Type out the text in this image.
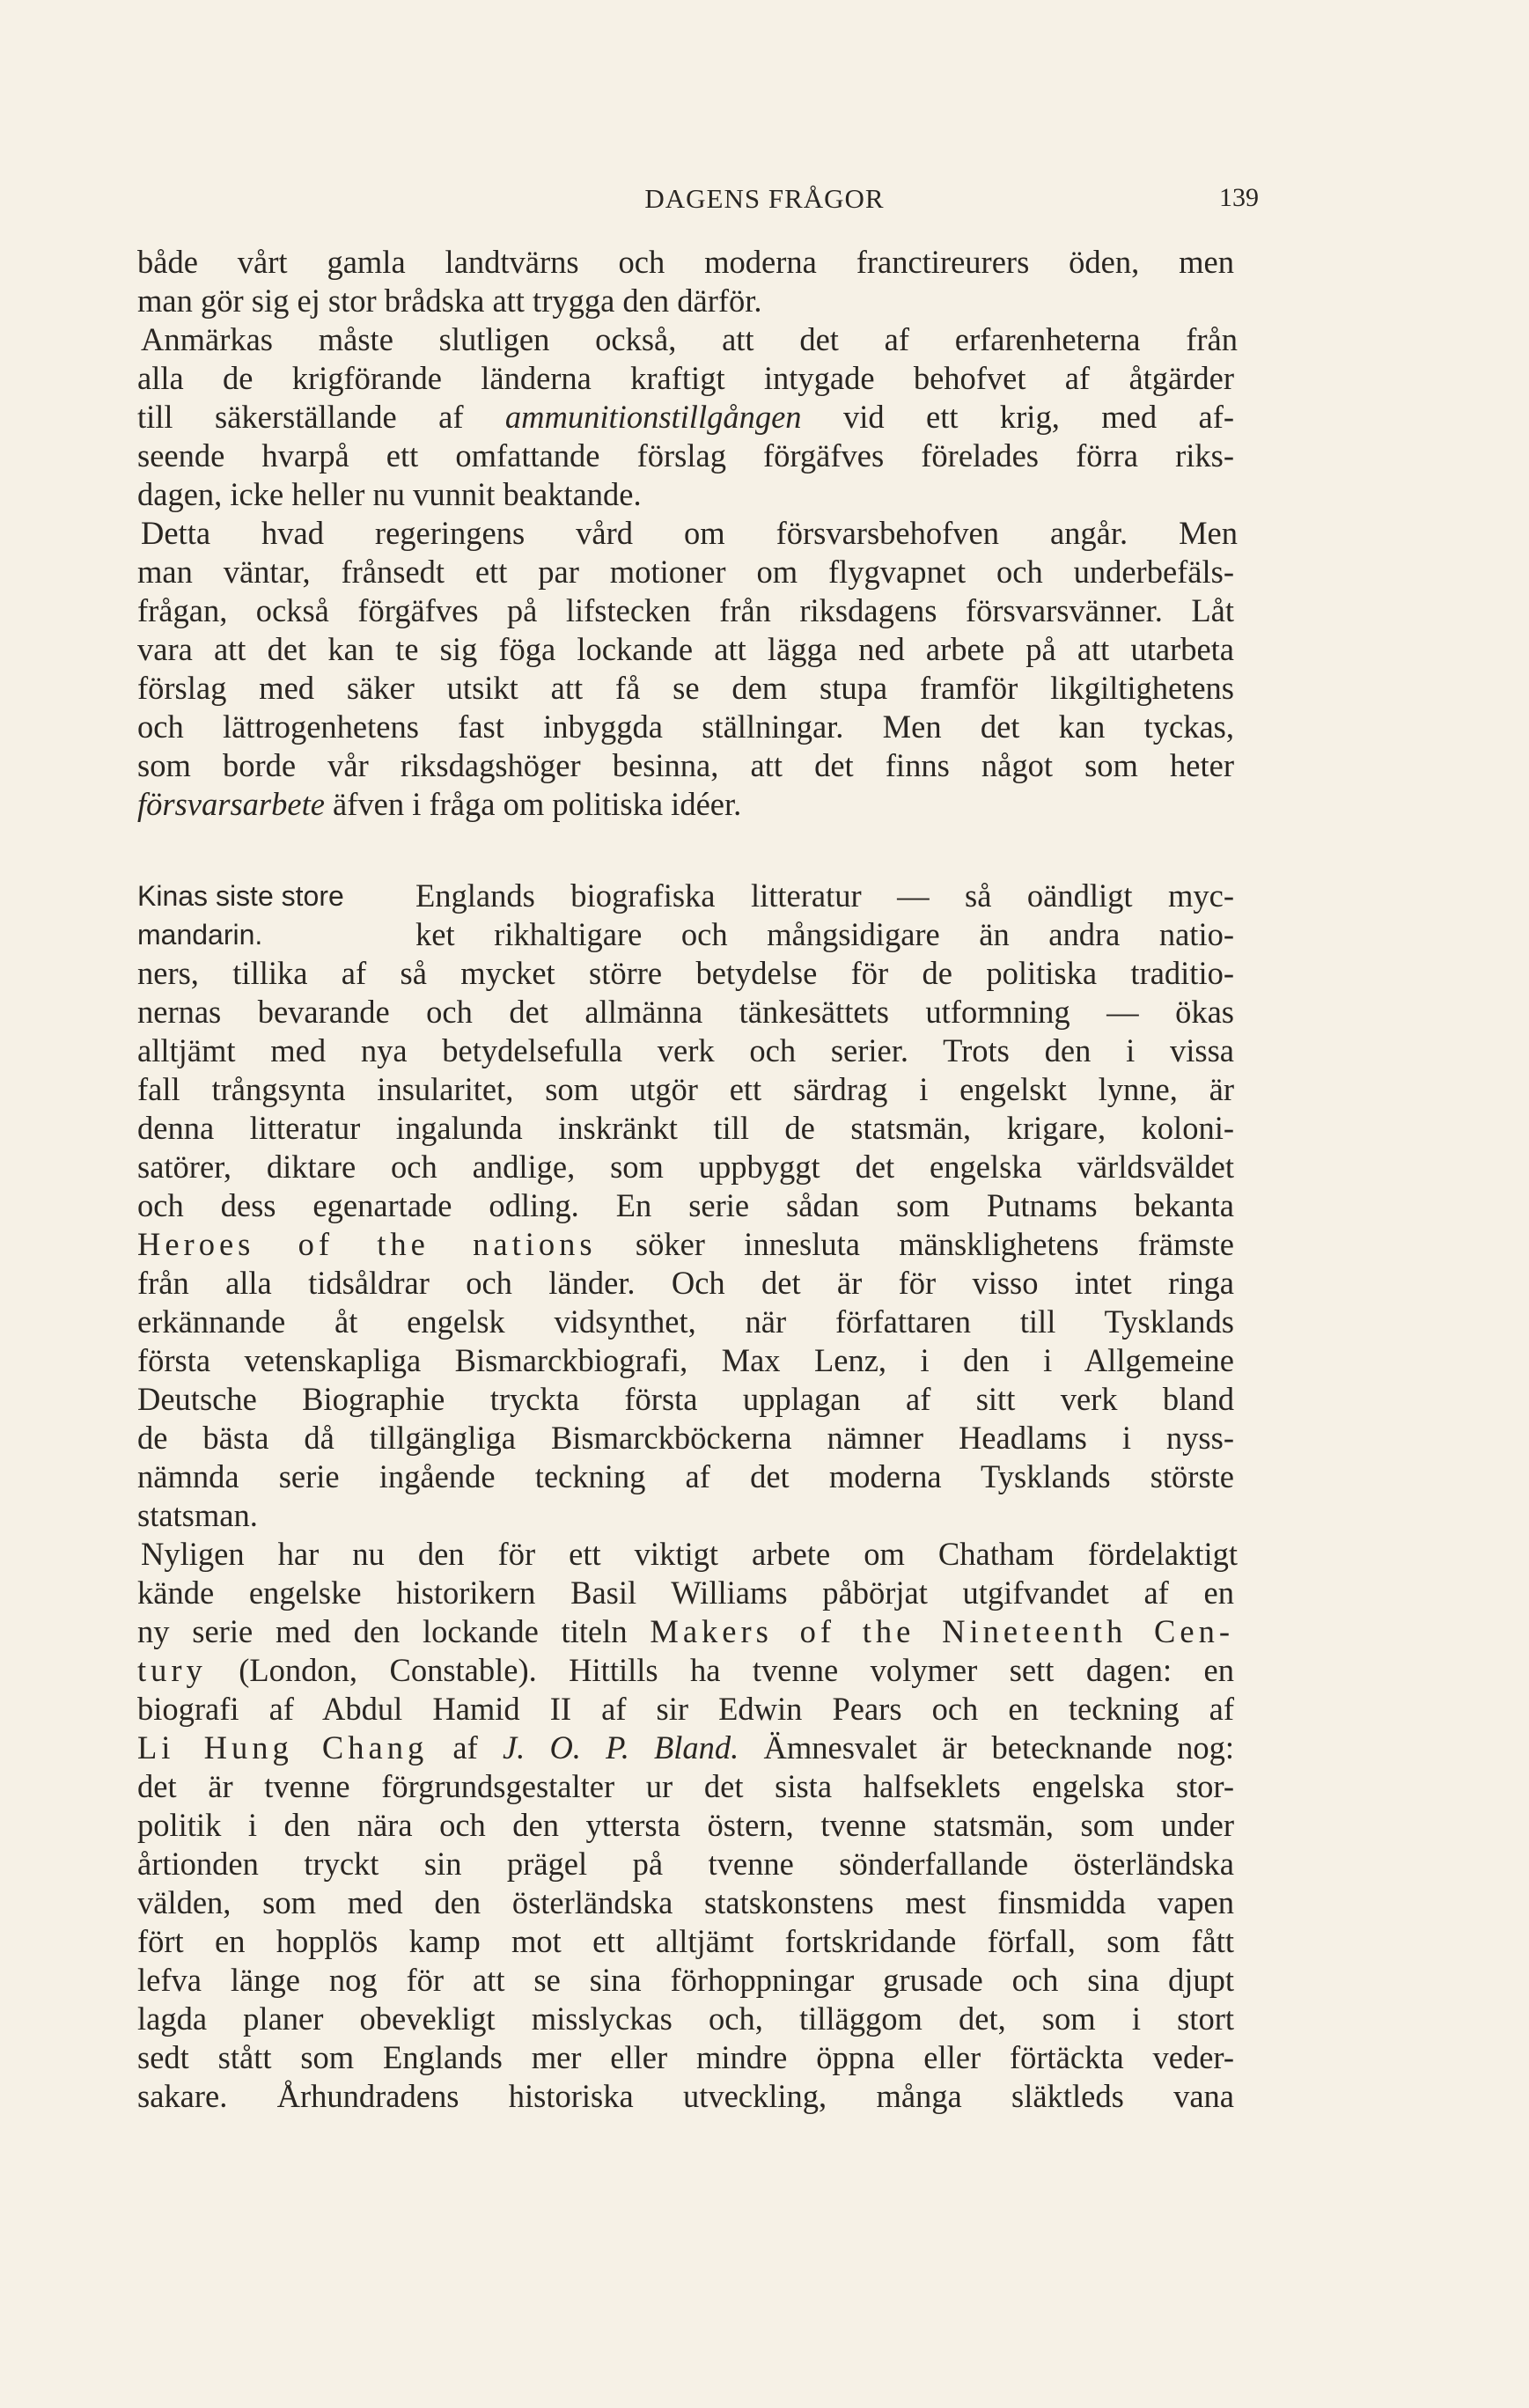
DAGENS FRÅGOR	139
både vårt gamla landtvärns och moderna franctireurers öden, men
man gör sig ej stor brådska att trygga den därför.
Anmärkas måste slutligen också, att det af erfarenheterna från
alla de krigförande länderna kraftigt intygade behofvet af åtgärder
till säkerställande af ammunitionstillgången vid ett krig, med af-
seende hvarpå ett omfattande förslag förgäfves förelades förra riks-
dagen, icke heller nu vunnit beaktande.
Detta hvad regeringens vård om försvarsbehofven angår. Men
man väntar, frånsedt ett par motioner om flygvapnet och underbefäls-
frågan, också förgäfves på lifstecken från riksdagens försvarsvänner. Låt
vara att det kan te sig föga lockande att lägga ned arbete på att utarbeta
förslag med säker utsikt att få se dem stupa framför likgiltighetens
och lättrogenhetens fast inbyggda ställningar. Men det kan tyckas,
som borde vår riksdagshöger besinna, att det finns något som heter
försvarsarbete äfven i fråga om politiska idéer.
Kinas siste store
mandarin.
Englands biografiska litteratur — så oändligt myc-
ket rikhaltigare och mångsidigare än andra natio-
ners, tillika af så mycket större betydelse för de politiska traditio-
nernas bevarande och det allmänna tänkesättets utformning — ökas
alltjämt med nya betydelsefulla verk och serier. Trots den i vissa
fall trångsynta insularitet, som utgör ett särdrag i engelskt lynne, är
denna litteratur ingalunda inskränkt till de statsmän, krigare, koloni-
satörer, diktare och andlige, som uppbyggt det engelska världsväldet
och dess egenartade odling. En serie sådan som Putnams bekanta
Heroes of the nations söker innesluta mänsklighetens främste
från alla tidsåldrar och länder. Och det är för visso intet ringa
erkännande åt engelsk vidsynthet, när författaren till Tysklands
första vetenskapliga Bismarckbiografi, Max Lenz, i den i Allgemeine
Deutsche Biographie tryckta första upplagan af sitt verk bland
de bästa då tillgängliga Bismarckböckerna nämner Headlams i nyss-
nämnda serie ingående teckning af det moderna Tysklands störste
statsman.
Nyligen har nu den för ett viktigt arbete om Chatham fördelaktigt
kände engelske historikern Basil Williams påbörjat utgifvandet af en
ny serie med den lockande titeln Makers of the Nineteenth Cen-
tury (London, Constable). Hittills ha tvenne volymer sett dagen: en
biografi af Abdul Hamid II af sir Edwin Pears och en teckning af
Li Hung Chang af J. O. P. Bland. Ämnesvalet är betecknande nog:
det är tvenne förgrundsgestalter ur det sista halfseklets engelska stor-
politik i den nära och den yttersta östern, tvenne statsmän, som under
årtionden tryckt sin prägel på tvenne sönderfallande österländska
välden, som med den österländska statskonstens mest finsmidda vapen
fört en hopplös kamp mot ett alltjämt fortskridande förfall, som fått
lefva länge nog för att se sina förhoppningar grusade och sina djupt
lagda planer obevekligt misslyckas och, tilläggom det, som i stort
sedt stått som Englands mer eller mindre öppna eller förtäckta veder-
sakare. Århundradens historiska utveckling, många släktleds vana
